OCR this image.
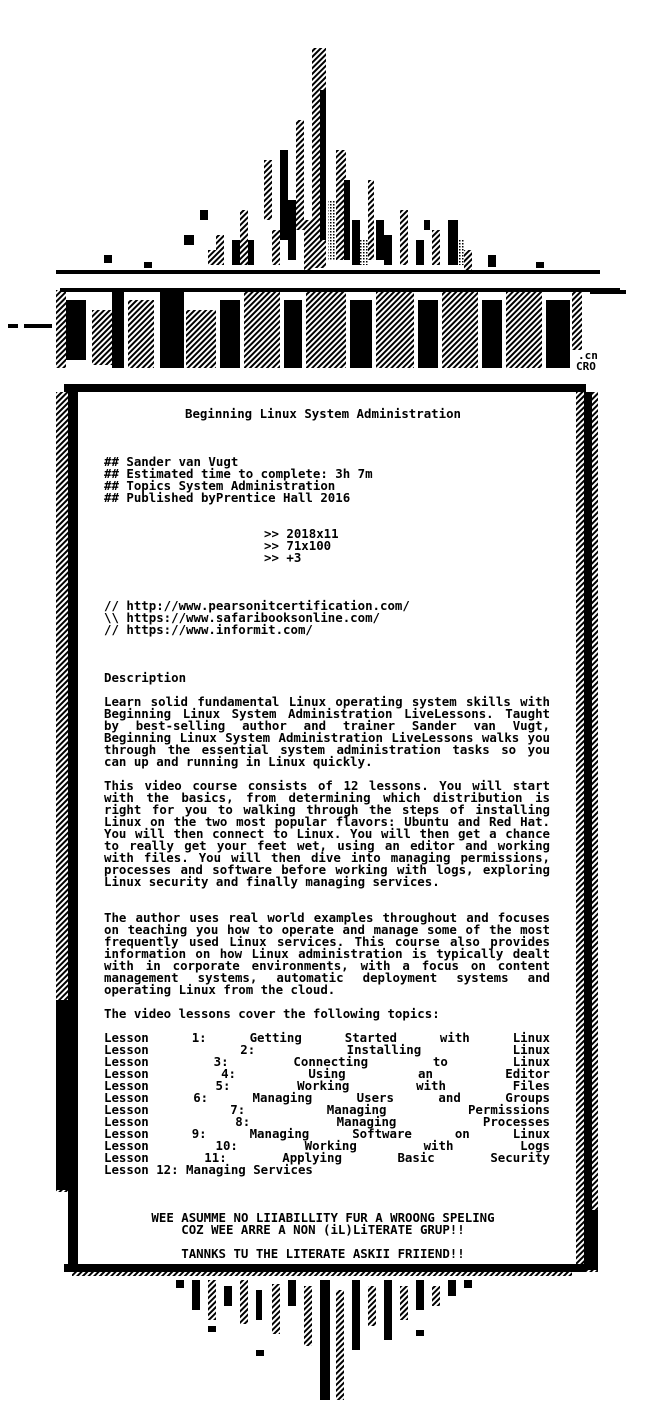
.cn
CRO
Beginning Linux System Administration
## Sander van Vugt
## Estimated time to complete: 3h 7m
## Topics System Administration
## Published byPrentice Hall 2016
>> 2018x11
>> 71x100
>> +3
// http://www.pearsonitcertification.com/
\\ https://www.safaribooksonline.com/
// https://www.informit.com/
Description
Learn solid fundamental Linux operating system skills with Beginning Linux System Administration LiveLessons. Taught by best-selling author and trainer Sander van Vugt, Beginning Linux System Administration LiveLessons walks you through the essential system administration tasks so you can up and running in Linux quickly.
This video course consists of 12 lessons. You will start with the basics, from determining which distribution is right for you to walking through the steps of installing Linux on the two most popular flavors: Ubuntu and Red Hat. You will then connect to Linux. You will then get a chance to really get your feet wet, using an editor and working with files. You will then dive into managing permissions, processes and software before working with logs, exploring Linux security and finally managing services.
The author uses real world examples throughout and focuses on teaching you how to operate and manage some of the most frequently used Linux services. This course also provides information on how Linux administration is typically dealt with in corporate environments, with a focus on content management systems, automatic deployment systems and operating Linux from the cloud.
The video lessons cover the following topics:
Lesson 1: Getting Started with Linux
Lesson 2: Installing Linux
Lesson 3: Connecting to Linux
Lesson 4: Using an Editor
Lesson 5: Working with Files
Lesson 6: Managing Users and Groups
Lesson 7: Managing Permissions
Lesson 8: Managing Processes
Lesson 9: Managing Software on Linux
Lesson 10: Working with Logs
Lesson 11: Applying Basic Security
Lesson 12: Managing Services
WEE ASUMME NO LIIABILLITY FUR A WROONG SPELING
COZ WEE ARRE A NON (iL)LiTERATE GRUP!!
TANNKS TU THE LITERATE ASKII FRIIEND!!
